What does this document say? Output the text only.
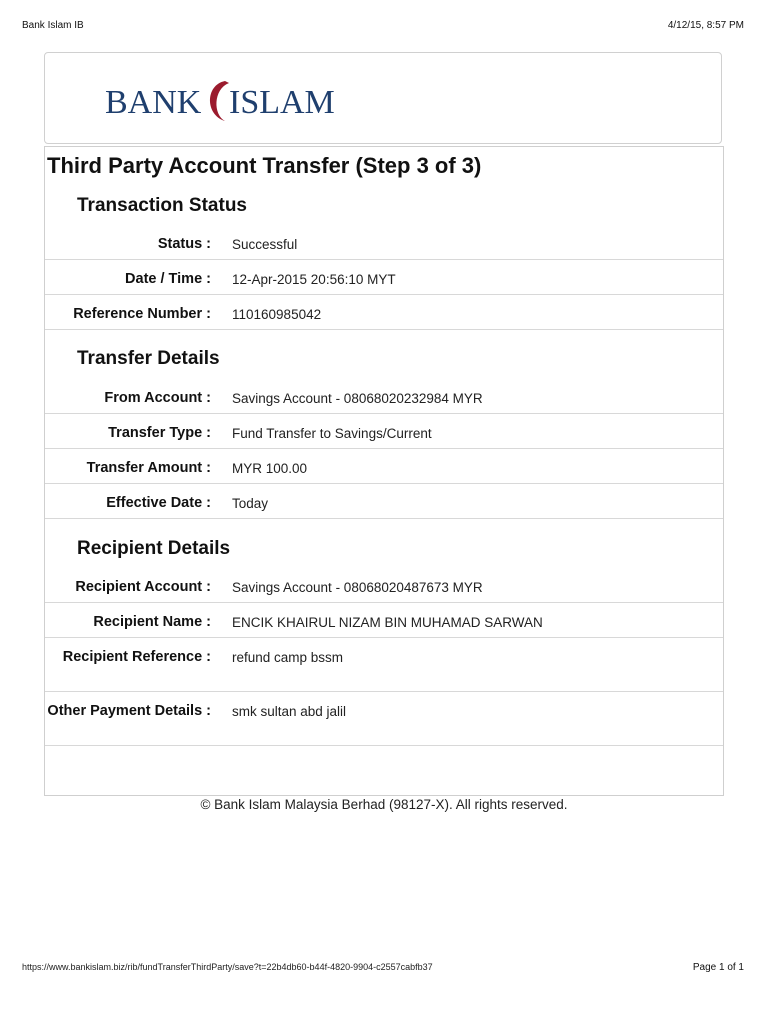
Bank Islam IB	4/12/15, 8:57 PM
BANK ISLAM
Third Party Account Transfer (Step 3 of 3)
Transaction Status
Status : Successful
Date / Time : 12-Apr-2015 20:56:10 MYT
Reference Number : 110160985042
Transfer Details
From Account : Savings Account - 08068020232984 MYR
Transfer Type : Fund Transfer to Savings/Current
Transfer Amount : MYR 100.00
Effective Date : Today
Recipient Details
Recipient Account : Savings Account - 08068020487673 MYR
Recipient Name : ENCIK KHAIRUL NIZAM BIN MUHAMAD SARWAN
Recipient Reference : refund camp bssm
Other Payment Details : smk sultan abd jalil
© Bank Islam Malaysia Berhad (98127-X). All rights reserved.
https://www.bankislam.biz/rib/fundTransferThirdParty/save?t=22b4db60-b44f-4820-9904-c2557cabfb37	Page 1 of 1
